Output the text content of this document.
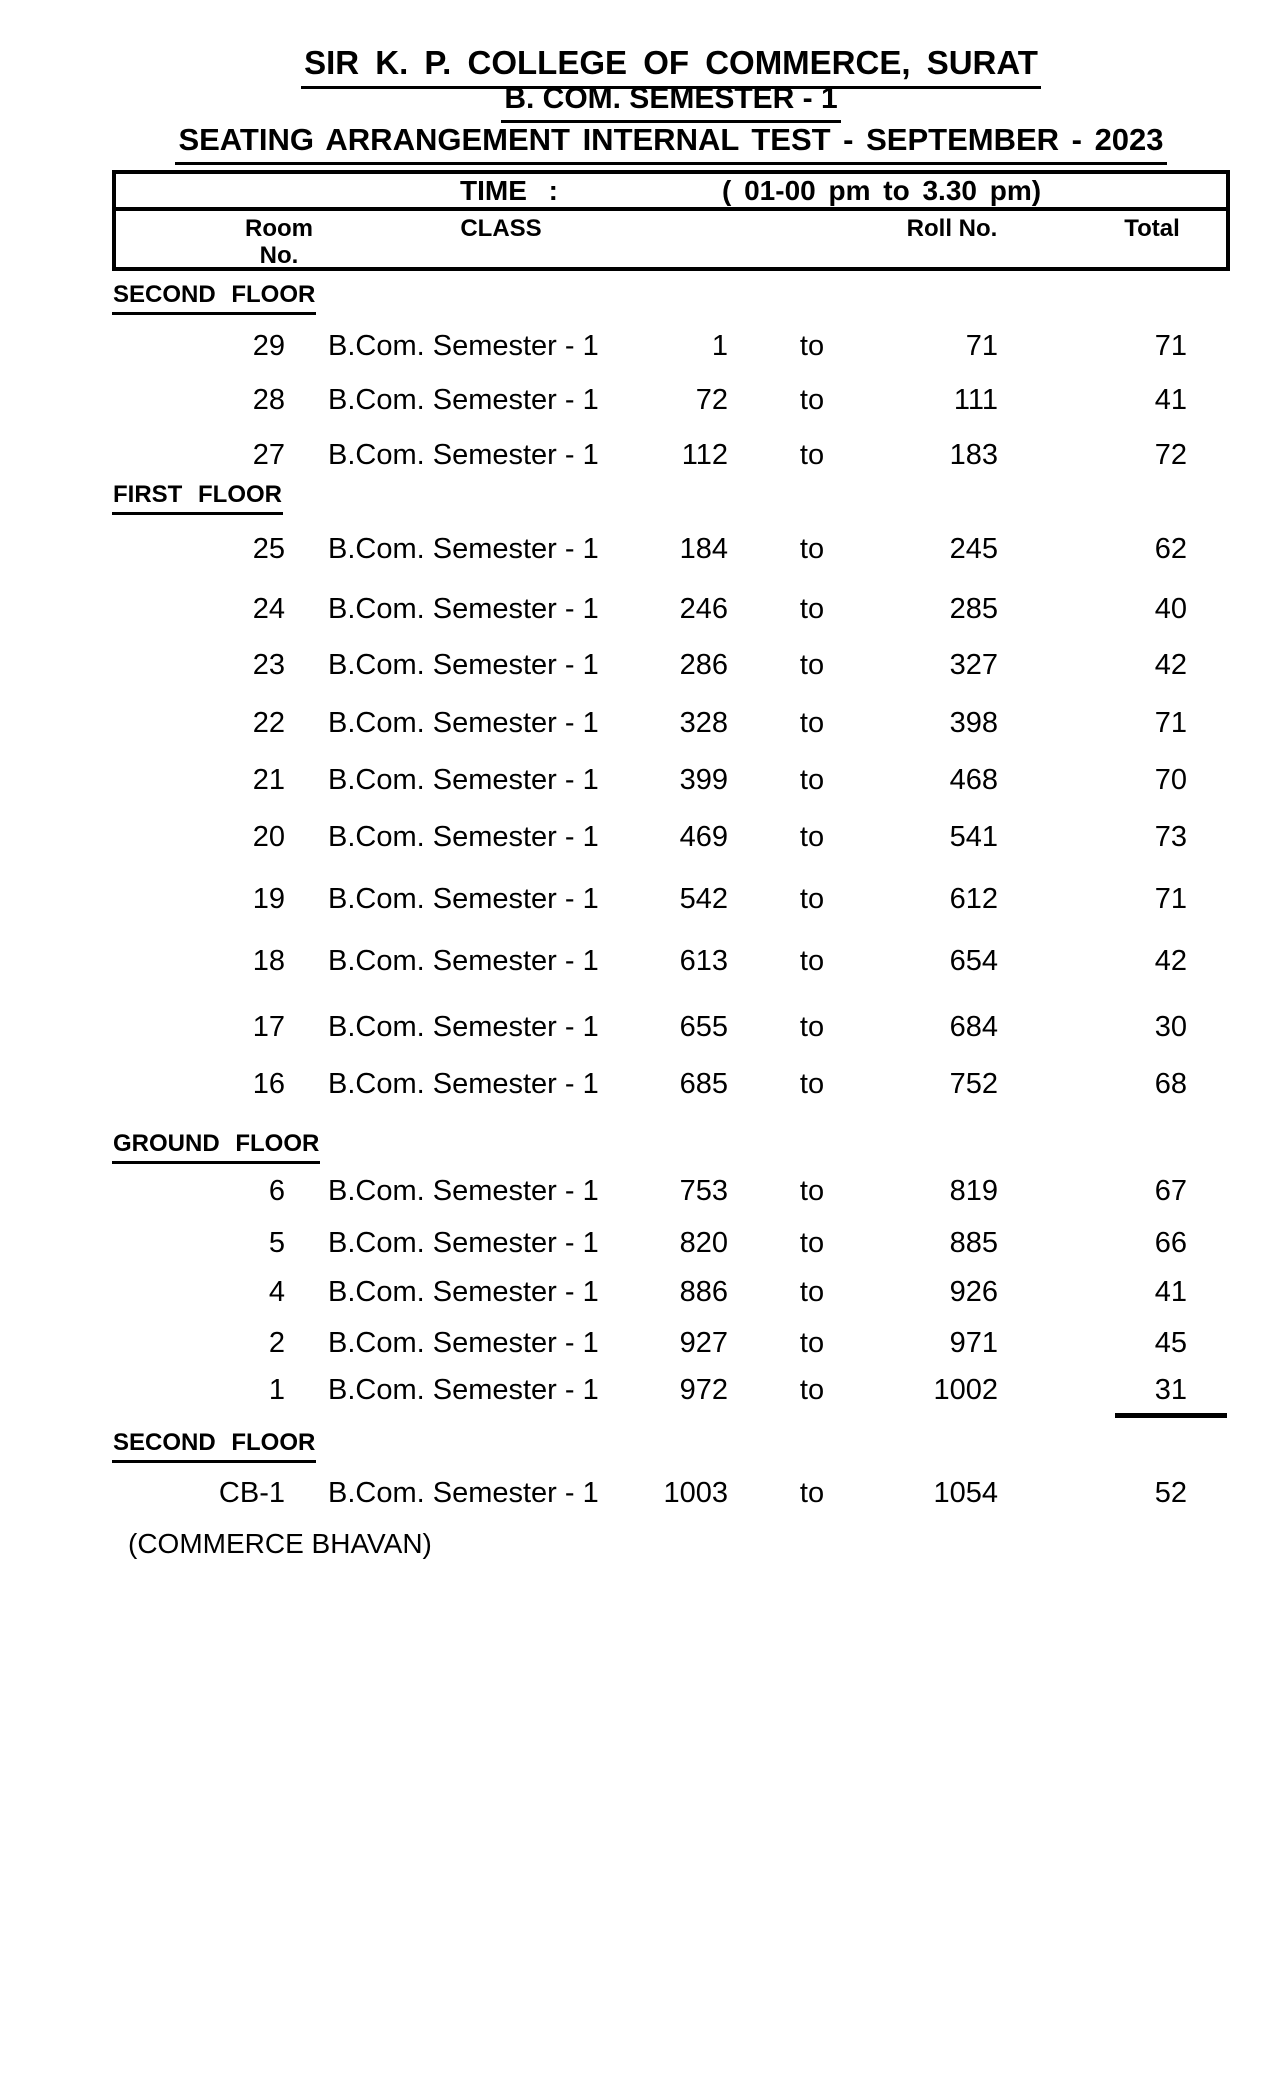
SIR K. P. COLLEGE OF COMMERCE, SURAT
B. COM. SEMESTER - 1
SEATING ARRANGEMENT INTERNAL TEST - SEPTEMBER - 2023
TIME :	( 01-00 pm to 3.30 pm)
Room
No.
CLASS	Roll No.	Total
SECOND FLOOR
29 B.Com. Semester - 1	1	to	71	71
28 B.Com. Semester - 1	72	to	111	41
27 B.Com. Semester - 1	112	to	183	72
FIRST FLOOR
25 B.Com. Semester - 1	184	to	245	62
24 B.Com. Semester - 1	246	to	285	40
23 B.Com. Semester - 1	286	to	327	42
22 B.Com. Semester - 1	328	to	398	71
21 B.Com. Semester - 1	399	to	468	70
20 B.Com. Semester - 1	469	to	541	73
19 B.Com. Semester - 1	542	to	612	71
18 B.Com. Semester - 1	613	to	654	42
17 B.Com. Semester - 1	655	to	684	30
16 B.Com. Semester - 1	685	to	752	68
GROUND FLOOR
6 B.Com. Semester - 1	753	to	819	67
5 B.Com. Semester - 1	820	to	885	66
4 B.Com. Semester - 1	886	to	926	41
2 B.Com. Semester - 1	927	to	971	45
1 B.Com. Semester - 1	972	to	1002	31
SECOND FLOOR
CB-1 B.Com. Semester - 1	1003	to	1054	52
(COMMERCE BHAVAN)
